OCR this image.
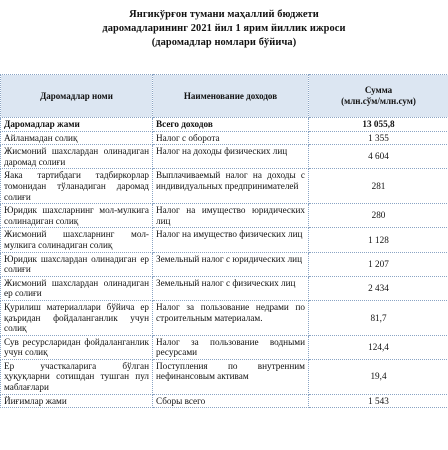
Янгикўрғон тумани маҳаллий бюджети
даромадларининг 2021 йил 1 ярим йиллик ижроси
(даромадлар номлари бўйича)
Даромадлар номи	Наименование доходов	Сумма
(млн.сўм/млн.сум)

Даромадлар жами	Всего доходов	13 055,8
Айланмадан солиқ	Налог с оборота	1 355
Жисмоний шахслардан олинадиган даромад солиғи	Налог на доходы физических лиц	4 604
Яака тартибдаги тадбиркорлар томонидан тўланадиган даромад солиғи	Выплачиваемый налог на доходы с индивидуальных предпринимателей	281
Юридик шахсларнинг мол-мулкига солинадиган солиқ	Налог на имущество юридических лиц	280
Жисмоний шахсларнинг мол-мулкига солинадиган солиқ	Налог на имущество физических лиц	1 128
Юридик шахслардан олинадиган ер солиғи	Земельный налог с юридических лиц	1 207
Жисмоний шахслардан олинадиган ер солиғи	Земельный налог с физических лиц	2 434
Қурилиш материаллари бўйича ер қаъридан фойдаланганлик учун солиқ	Налог за пользование недрами по строительным материалам.	81,7
Сув ресурсларидан фойдаланганлик учун солиқ	Налог за пользование водными ресурсами	124,4
Ер участкаларига бўлган ҳуқуқларни сотишдан тушган пул маблағлари	Поступления по внутренним нефинансовым активам	19,4
Йиғимлар жами	Сборы всего	1 543
